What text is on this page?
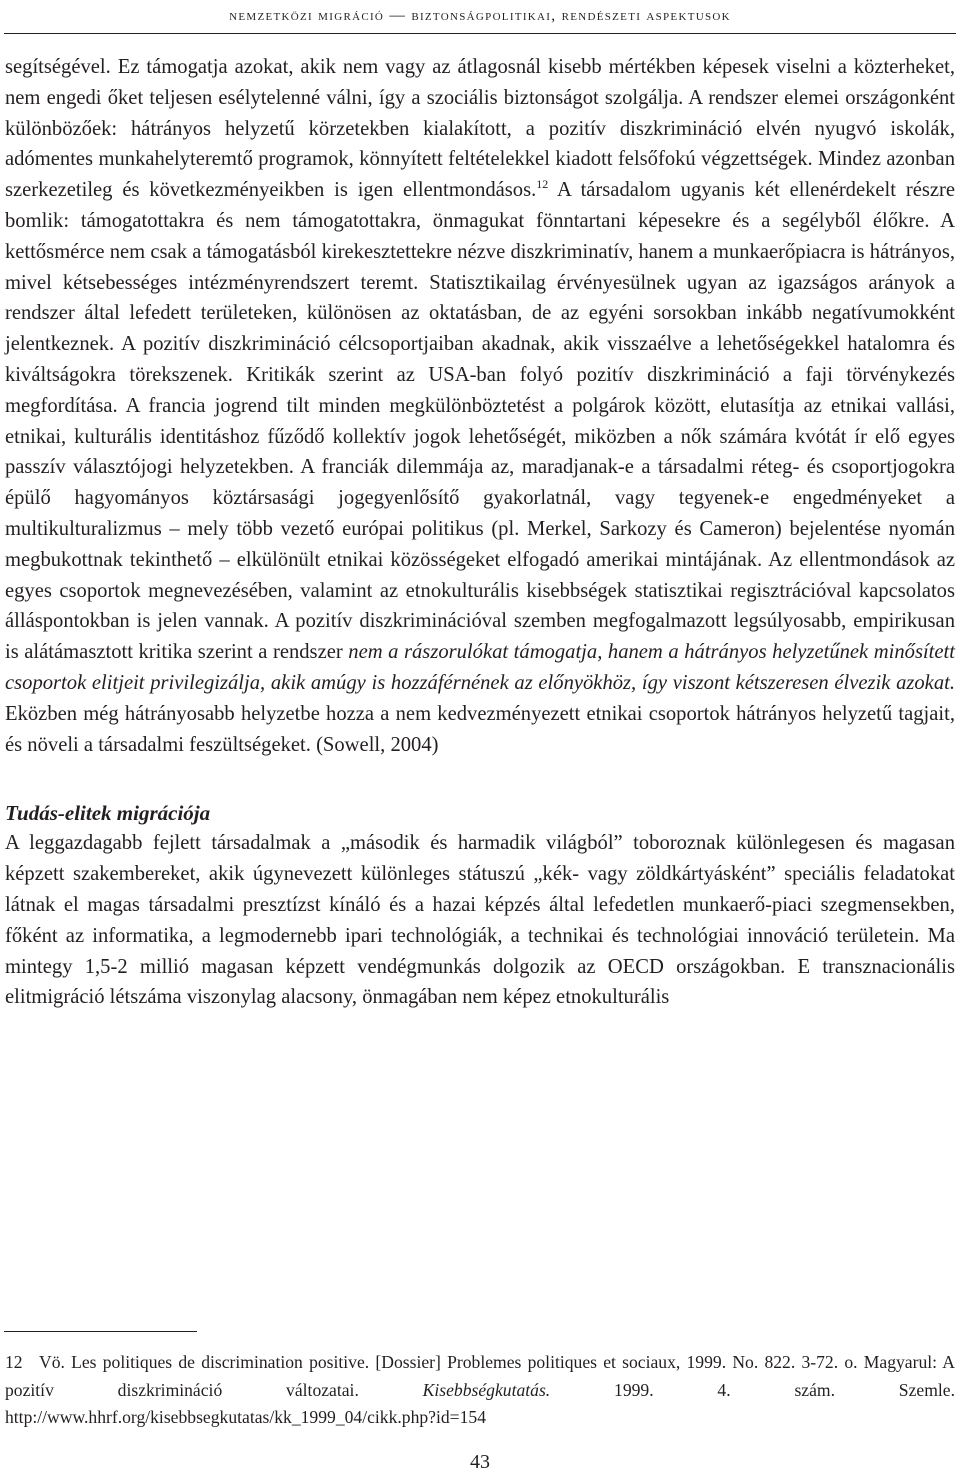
nemzetközi migráció — biztonságpolitikai, rendészeti aspektusok

segítségével. Ez támogatja azokat, akik nem vagy az átlagosnál kisebb mértékben képesek viselni a közterheket, nem engedi őket teljesen esélytelenné válni, így a szociális biztonságot szolgálja. A rendszer elemei országonként különbözőek: hátrányos helyzetű körzetekben kialakított, a pozitív diszkrimináció elvén nyugvó iskolák, adómentes munkahelyteremtő programok, könnyített feltételekkel kiadott felsőfokú végzettségek. Mindez azonban szerkezetileg és következményeikben is igen ellentmondásos.$^{12}$ A társadalom ugyanis két ellenérdekelt részre bomlik: támogatottakra és nem támogatottakra, önmagukat fönntartani képesekre és a segélyből élőkre. A kettősmérce nem csak a támogatásból kirekesztettekre nézve diszkriminatív, hanem a munkaerőpiacra is hátrányos, mivel kétsebességes intézményrendszert teremt. Statisztikailag érvényesülnek ugyan az igazságos arányok a rendszer által lefedett területeken, különösen az oktatásban, de az egyéni sorsokban inkább negatívumokként jelentkeznek. A pozitív diszkrimináció célcsoportjaiban akadnak, akik visszaélve a lehetőségekkel hatalomra és kiváltságokra törekszenek. Kritikák szerint az USA-ban folyó pozitív diszkrimináció a faji törvénykezés megfordítása. A francia jogrend tilt minden megkülönböztetést a polgárok között, elutasítja az etnikai vallási, etnikai, kulturális identitáshoz fűződő kollektív jogok lehetőségét, miközben a nők számára kvótát ír elő egyes passzív választójogi helyzetekben. A franciák dilemmája az, maradjanak-e a társadalmi réteg- és csoportjogokra épülő hagyományos köztársasági jogegyenlősítő gyakorlatnál, vagy tegyenek-e engedményeket a multikulturalizmus – mely több vezető európai politikus (pl. Merkel, Sarkozy és Cameron) bejelentése nyomán megbukottnak tekinthető – elkülönült etnikai közösségeket elfogadó amerikai mintájának. Az ellentmondások az egyes csoportok megnevezésében, valamint az etnokulturális kisebbségek statisztikai regisztrációval kapcsolatos álláspontokban is jelen vannak. A pozitív diszkriminációval szemben megfogalmazott legsúlyosabb, empirikusan is alátámasztott kritika szerint a rendszer nem a rászorulókat támogatja, hanem a hátrányos helyzetűnek minősített csoportok elitjeit privilegizálja, akik amúgy is hozzáférnének az előnyökhöz, így viszont kétszeresen élvezik azokat. Eközben még hátrányosabb helyzetbe hozza a nem kedvezményezett etnikai csoportok hátrányos helyzetű tagjait, és növeli a társadalmi feszültségeket. (Sowell, 2004)

Tudás-elitek migrációja

A leggazdagabb fejlett társadalmak a „második és harmadik világból” toboroznak különlegesen és magasan képzett szakembereket, akik úgynevezett különleges státuszú „kék- vagy zöldkártyásként” speciális feladatokat látnak el magas társadalmi presztízst kínáló és a hazai képzés által lefedetlen munkaerő-piaci szegmensekben, főként az informatika, a legmodernebb ipari technológiák, a technikai és technológiai innováció területein. Ma mintegy 1,5-2 millió magasan képzett vendégmunkás dolgozik az OECD országokban. E transznacionális elitmigráció létszáma viszonylag alacsony, önmagában nem képez etnokulturális

12 Vö. Les politiques de discrimination positive. [Dossier] Problemes politiques et sociaux, 1999. No. 822. 3-72. o. Magyarul: A pozitív diszkrimináció változatai. Kisebbségkutatás. 1999. 4. szám. Szemle. http://www.hhrf.org/kisebbsegkutatas/kk_1999_04/cikk.php?id=154
43
